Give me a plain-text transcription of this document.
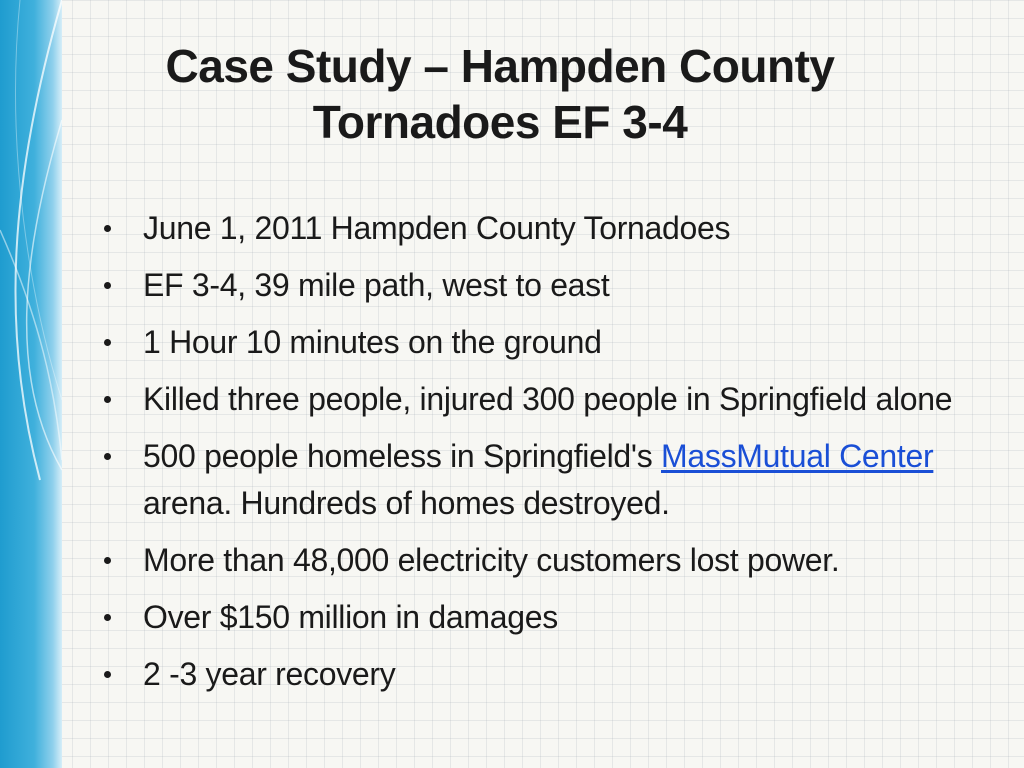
Case Study – Hampden County
Tornadoes EF 3-4
June 1, 2011 Hampden County Tornadoes
EF 3-4, 39 mile path, west to east
1 Hour 10 minutes on the ground
Killed three people, injured 300 people in Springfield alone
500 people homeless in Springfield's MassMutual Center arena. Hundreds of homes destroyed.
More than 48,000 electricity customers lost power.
Over $150 million in damages
2 -3 year recovery
